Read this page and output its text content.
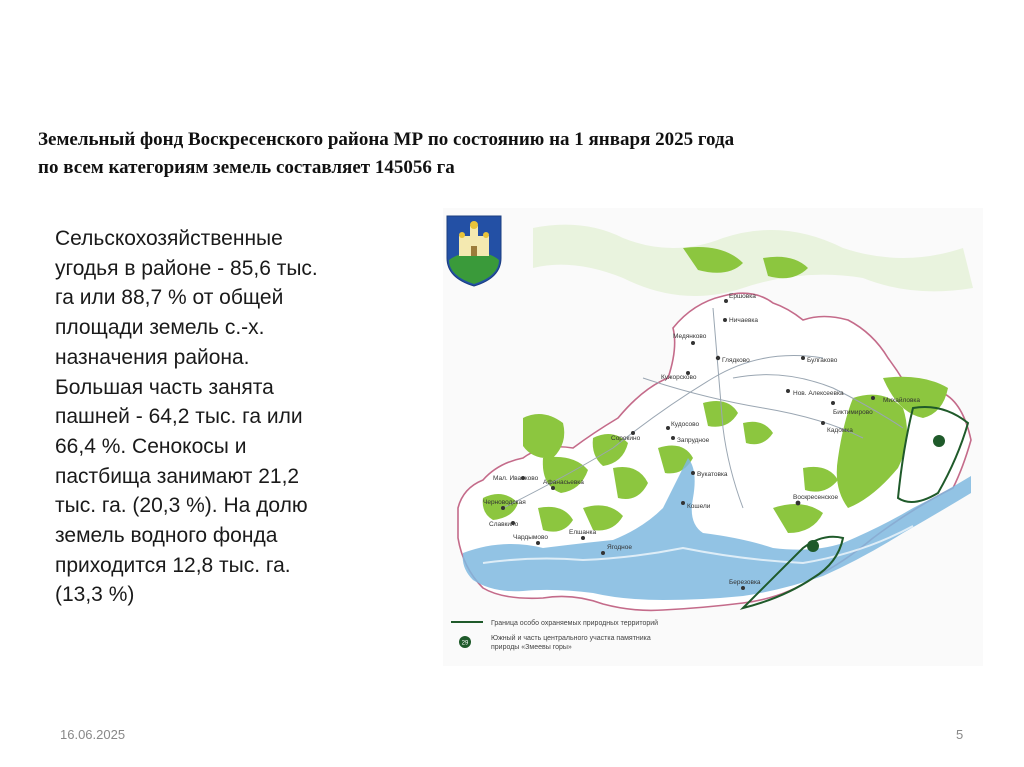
Земельный фонд Воскресенского района МР по состоянию на 1 января 2025 года
по всем категориям земель составляет 145056 га
Сельскохозяйственные
угодья в районе - 85,6 тыс.
га или 88,7 % от общей
площади земель с.-х.
назначения района.
Большая часть занята
пашней - 64,2 тыс. га или
66,4 %. Сенокосы и
пастбища занимают 21,2
тыс. га. (20,3 %). На долю
земель водного фонда
приходится 12,8 тыс. га.
(13,3 %)
Ершовка
Ничаевка
Медянково
Глядково
Кужорсково
Булгаково
Нов. Алексеевка
Михайловка
Биктимирово
Кадомка
Сорокино
Кудосово
Запрудное
Вукатовка
Кошели
Воскресенское
Мал. Иванково
Афанасьевка
Черноводская
Славкино
Чардымово
Елшанка
Березовка
Ягодное
Граница особо охраняемых природных территорий
29
Южный и часть центрального участка памятника
природы «Змеевы горы»
16.06.2025	5
